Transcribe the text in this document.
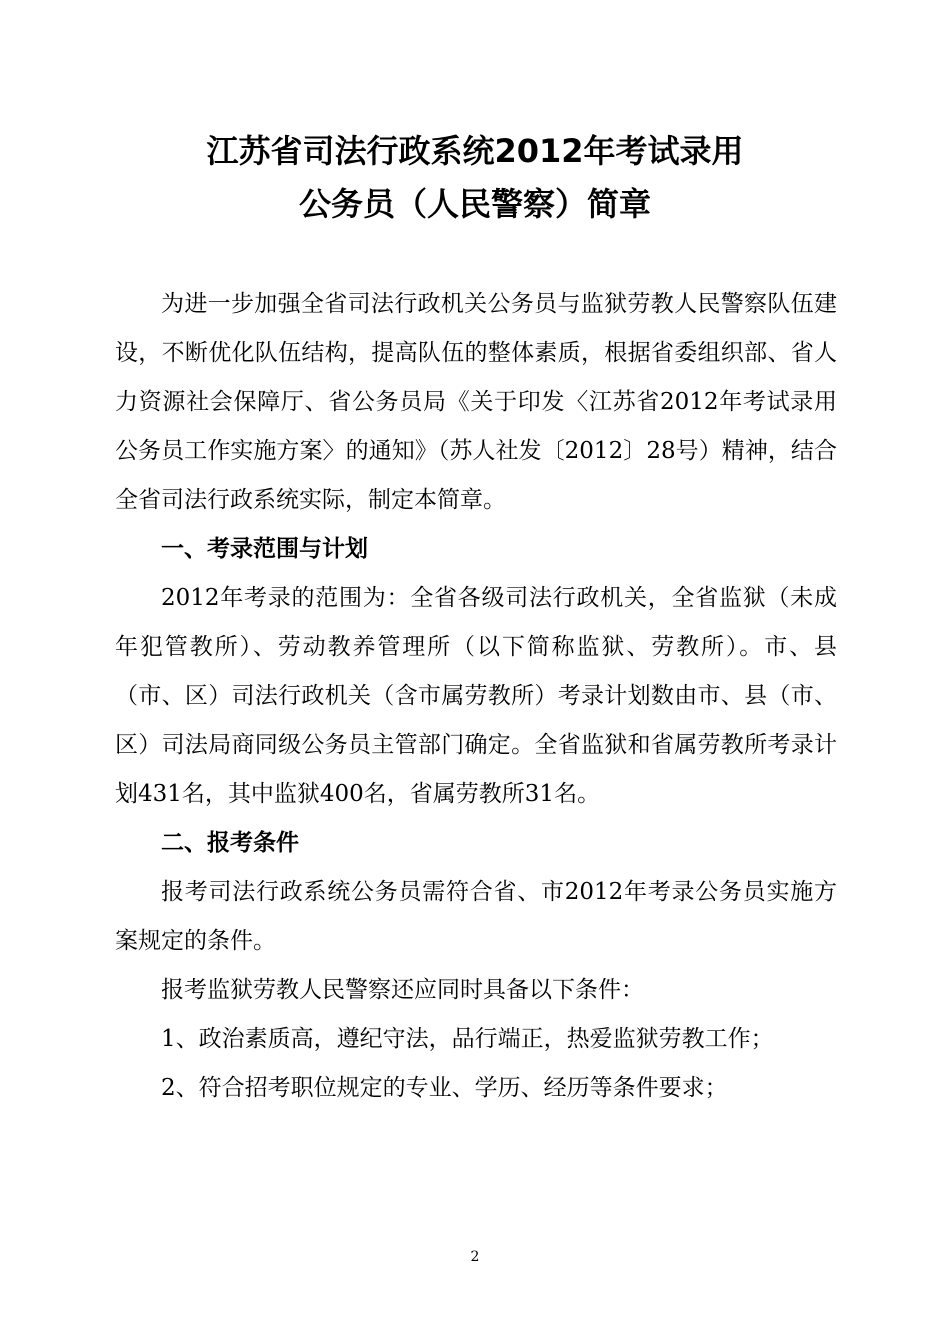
江苏省司法行政系统2012年考试录用
公务员（人民警察）简章

为进一步加强全省司法行政机关公务员与监狱劳教人民警察队伍建设，不断优化队伍结构，提高队伍的整体素质，根据省委组织部、省人力资源社会保障厅、省公务员局《关于印发〈江苏省2012年考试录用公务员工作实施方案〉的通知》（苏人社发〔2012〕28号）精神，结合全省司法行政系统实际，制定本简章。

一、考录范围与计划

2012年考录的范围为：全省各级司法行政机关，全省监狱（未成年犯管教所）、劳动教养管理所（以下简称监狱、劳教所）。市、县（市、区）司法行政机关（含市属劳教所）考录计划数由市、县（市、区）司法局商同级公务员主管部门确定。全省监狱和省属劳教所考录计划431名，其中监狱400名，省属劳教所31名。

二、报考条件

报考司法行政系统公务员需符合省、市2012年考录公务员实施方案规定的条件。

报考监狱劳教人民警察还应同时具备以下条件：

1、政治素质高，遵纪守法，品行端正，热爱监狱劳教工作；

2、符合招考职位规定的专业、学历、经历等条件要求；

2
